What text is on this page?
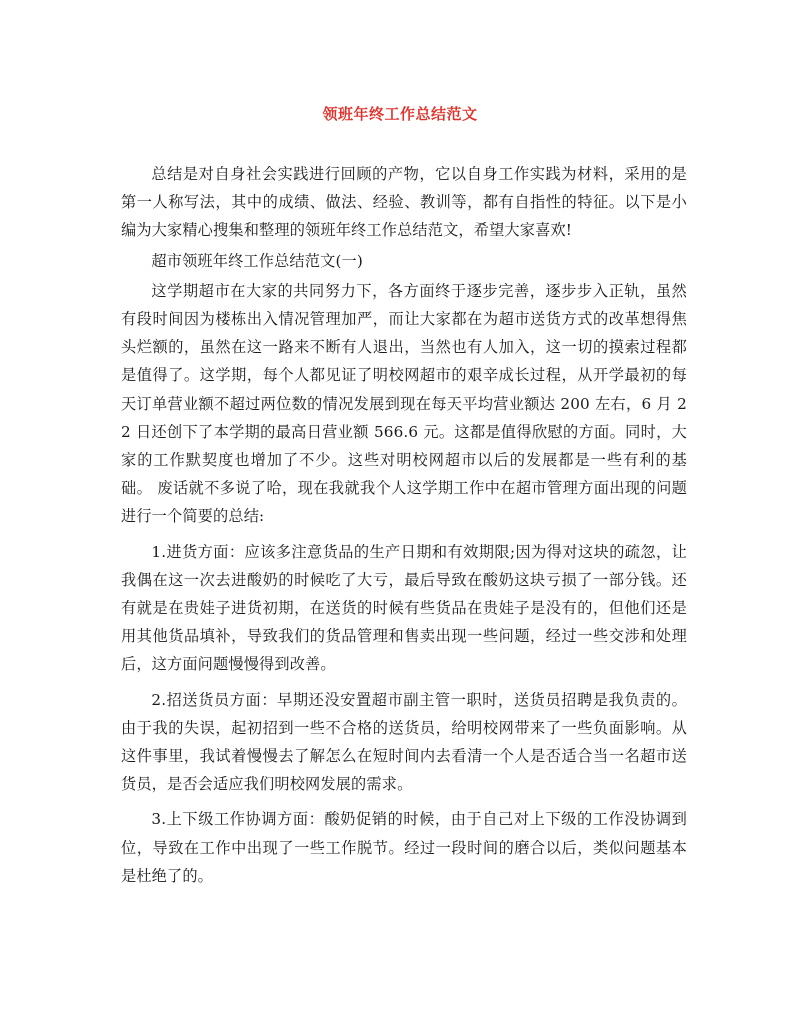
领班年终工作总结范文

总结是对自身社会实践进行回顾的产物，它以自身工作实践为材料，采用的是第一人称写法，其中的成绩、做法、经验、教训等，都有自指性的特征。以下是小编为大家精心搜集和整理的领班年终工作总结范文，希望大家喜欢!

超市领班年终工作总结范文(一)

这学期超市在大家的共同努力下，各方面终于逐步完善，逐步步入正轨，虽然有段时间因为楼栋出入情况管理加严，而让大家都在为超市送货方式的改革想得焦头烂额的，虽然在这一路来不断有人退出，当然也有人加入，这一切的摸索过程都是值得了。这学期，每个人都见证了明校网超市的艰辛成长过程，从开学最初的每天订单营业额不超过两位数的情况发展到现在每天平均营业额达 200 左右，6 月 22 日还创下了本学期的最高日营业额 566.6 元。这都是值得欣慰的方面。同时，大家的工作默契度也增加了不少。这些对明校网超市以后的发展都是一些有利的基础。 废话就不多说了哈，现在我就我个人这学期工作中在超市管理方面出现的问题进行一个简要的总结:

1.进货方面：应该多注意货品的生产日期和有效期限;因为得对这块的疏忽，让我偶在这一次去进酸奶的时候吃了大亏，最后导致在酸奶这块亏损了一部分钱。还有就是在贵娃子进货初期，在送货的时候有些货品在贵娃子是没有的，但他们还是用其他货品填补，导致我们的货品管理和售卖出现一些问题，经过一些交涉和处理后，这方面问题慢慢得到改善。

2.招送货员方面：早期还没安置超市副主管一职时，送货员招聘是我负责的。由于我的失误，起初招到一些不合格的送货员，给明校网带来了一些负面影响。从这件事里，我试着慢慢去了解怎么在短时间内去看清一个人是否适合当一名超市送货员，是否会适应我们明校网发展的需求。

3.上下级工作协调方面：酸奶促销的时候，由于自己对上下级的工作没协调到位，导致在工作中出现了一些工作脱节。经过一段时间的磨合以后，类似问题基本是杜绝了的。
